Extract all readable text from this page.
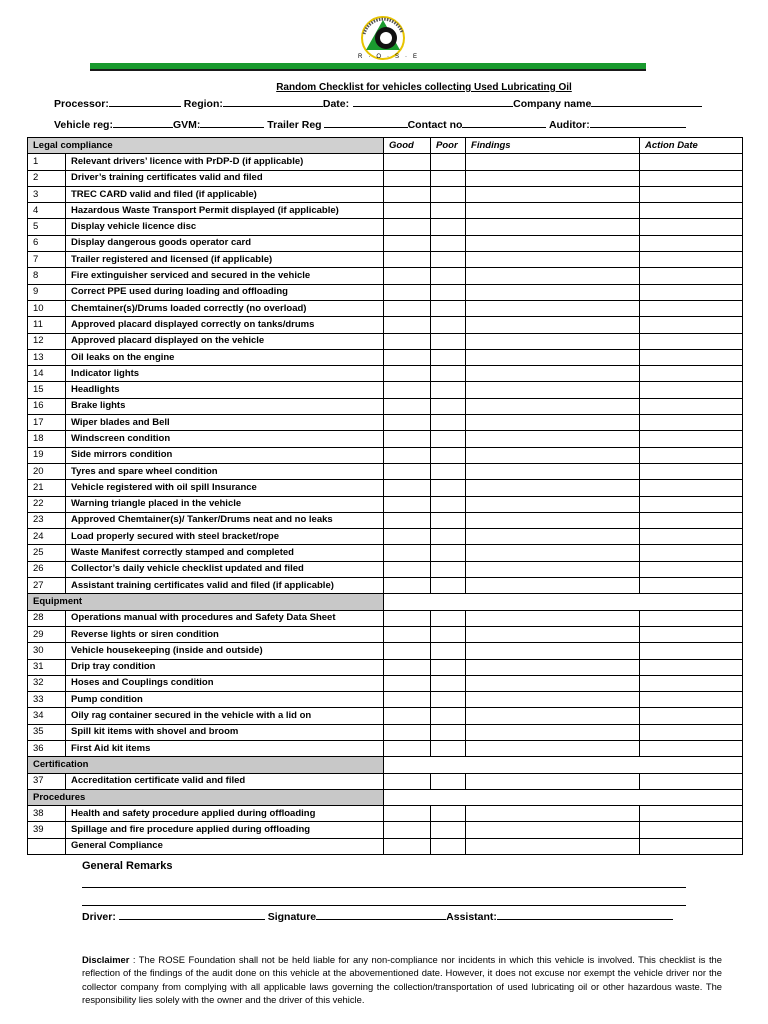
R·O·S·E
Random Checklist for vehicles collecting Used Lubricating Oil
Processor:	Region:	Date:	Company name
Vehicle reg:	GVM:	Trailer Reg	Contact no	Auditor:
Legal compliance		Good	Poor	Findings	Action Date
1	Relevant drivers’ licence with PrDP-D (if applicable)				
2	Driver’s training certificates valid and filed				
3	TREC CARD valid and filed (if applicable)				
4	Hazardous Waste Transport Permit displayed (if applicable)				
5	Display vehicle licence disc				
6	Display dangerous goods operator card				
7	Trailer registered and licensed (if applicable)				
8	Fire extinguisher serviced and secured in the vehicle				
9	Correct PPE used during loading and offloading				
10	Chemtainer(s)/Drums loaded correctly (no overload)				
11	Approved placard displayed correctly on tanks/drums				
12	Approved placard displayed on the vehicle				
13	Oil leaks on the engine				
14	Indicator lights				
15	Headlights				
16	Brake lights				
17	Wiper blades and Bell				
18	Windscreen condition				
19	Side mirrors condition				
20	Tyres and spare wheel condition				
21	Vehicle registered with oil spill Insurance				
22	Warning triangle placed in the vehicle				
23	Approved Chemtainer(s)/ Tanker/Drums neat and no leaks				
24	Load properly secured with steel bracket/rope				
25	Waste Manifest correctly stamped and completed				
26	Collector’s daily vehicle checklist updated and filed				
27	Assistant training certificates valid and filed (if applicable)				
Equipment					
28	Operations manual with procedures and Safety Data Sheet				
29	Reverse lights or siren condition				
30	Vehicle housekeeping (inside and outside)				
31	Drip tray condition				
32	Hoses and Couplings condition				
33	Pump condition				
34	Oily rag container secured in the vehicle with a lid on				
35	Spill kit items with shovel and broom				
36	First Aid kit items				
Certification					
37	Accreditation certificate valid and filed				
Procedures					
38	Health and safety procedure applied during offloading				
39	Spillage and fire procedure applied during offloading				
	General Compliance				
General Remarks
Driver:	Signature	Assistant:
Disclaimer : The ROSE Foundation shall not be held liable for any non-compliance nor incidents in which this vehicle is involved. This checklist is the reflection of the findings of the audit done on this vehicle at the abovementioned date. However, it does not excuse nor exempt the vehicle driver nor the collector company from complying with all applicable laws governing the collection/transportation of used lubricating oil or other hazardous waste. The responsibility lies solely with the owner and the driver of this vehicle.
